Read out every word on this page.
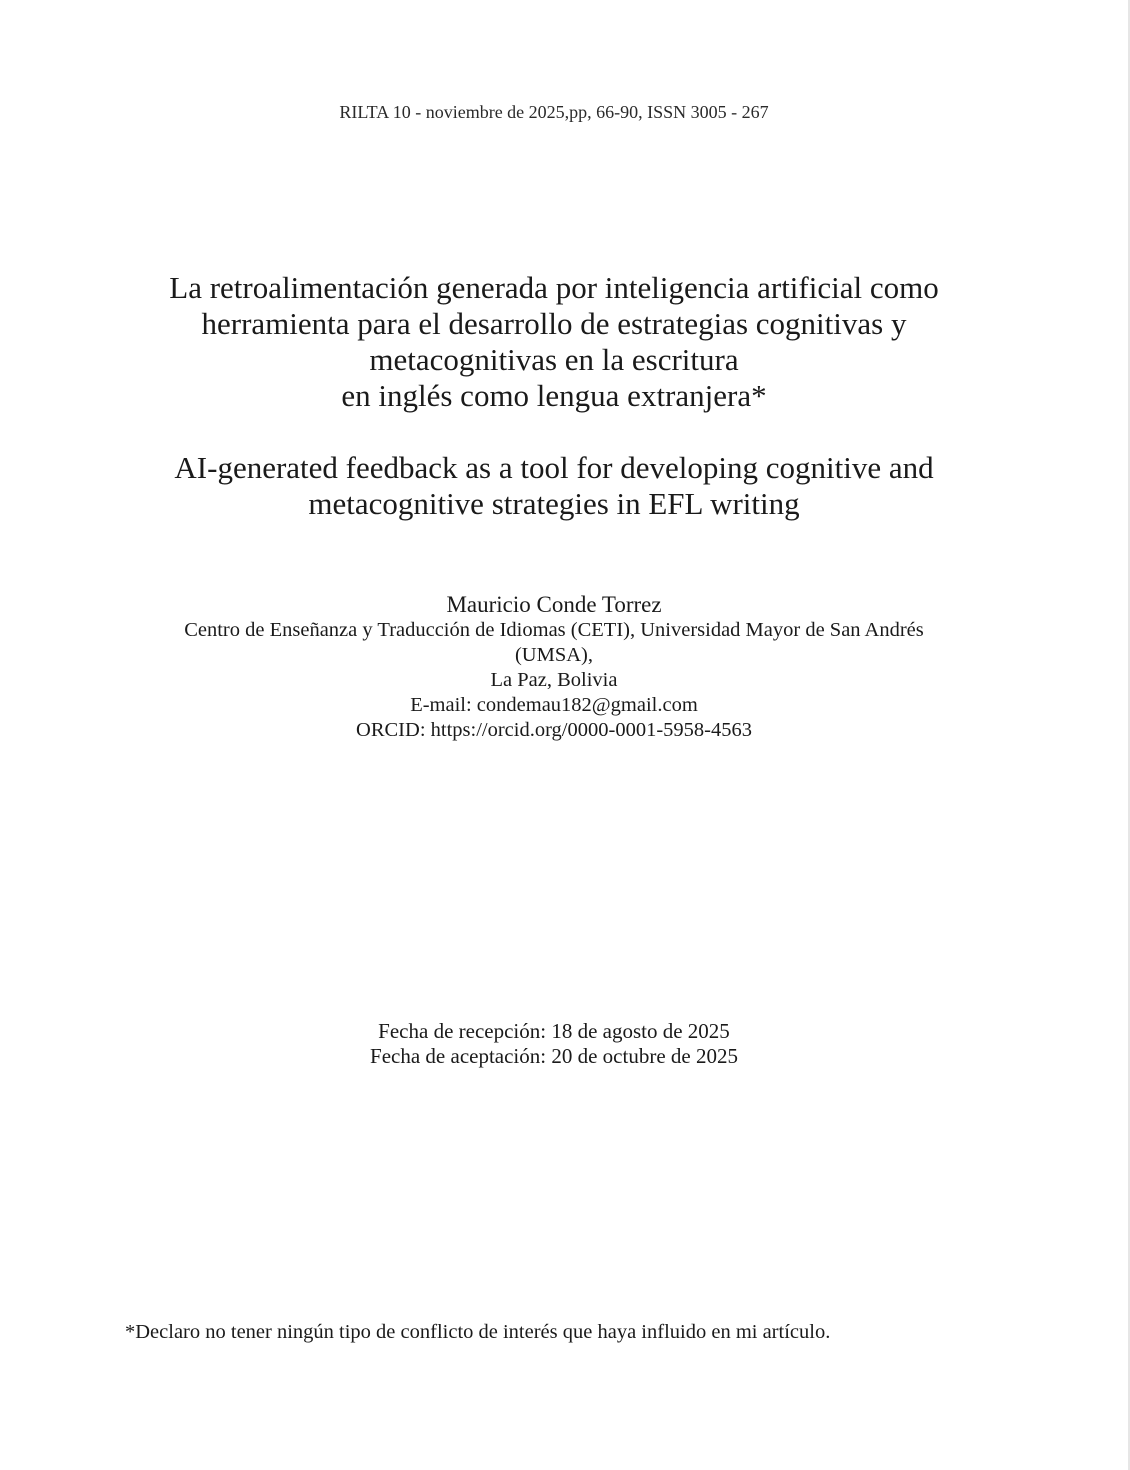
RILTA 10 - noviembre de 2025,pp, 66-90, ISSN 3005 - 267
La retroalimentación generada por inteligencia artificial como
herramienta para el desarrollo de estrategias cognitivas y
metacognitivas en la escritura
en inglés como lengua extranjera*
AI-generated feedback as a tool for developing cognitive and
metacognitive strategies in EFL writing
Mauricio Conde Torrez
Centro de Enseñanza y Traducción de Idiomas (CETI), Universidad Mayor de San Andrés
(UMSA),
La Paz, Bolivia
E-mail: condemau182@gmail.com
ORCID: https://orcid.org/0000-0001-5958-4563
Fecha de recepción: 18 de agosto de 2025
Fecha de aceptación: 20 de octubre de 2025
*Declaro no tener ningún tipo de conflicto de interés que haya influido en mi artículo.
